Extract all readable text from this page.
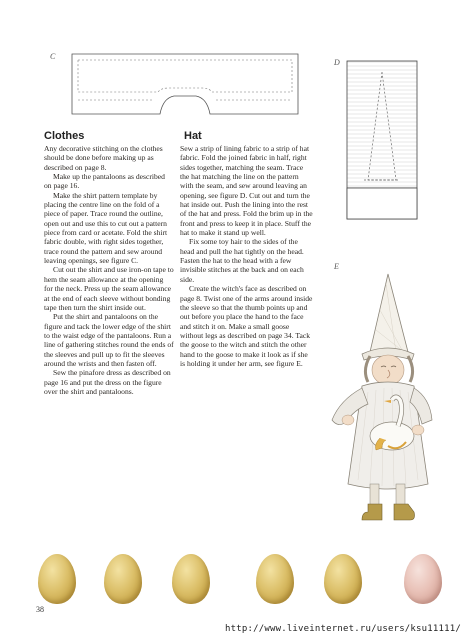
C
D
Clothes

Any decorative stitching on the clothes should be done before making up as described on page 8.

Make up the pantaloons as described on page 16.

Make the shirt pattern template by placing the centre line on the fold of a piece of paper. Trace round the outline, open out and use this to cut out a pattern piece from card or acetate. Fold the shirt fabric double, with right sides together, trace round the pattern and sew around leaving openings, see figure C.

Cut out the shirt and use iron-on tape to hem the seam allowance at the opening for the neck. Press up the seam allowance at the end of each sleeve without bonding tape then turn the shirt inside out.

Put the shirt and pantaloons on the figure and tack the lower edge of the shirt to the waist edge of the pantaloons. Run a line of gathering stitches round the ends of the sleeves and pull up to fit the sleeves around the wrists and then fasten off.

Sew the pinafore dress as described on page 16 and put the dress on the figure over the shirt and pantaloons.

Hat

Sew a strip of lining fabric to a strip of hat fabric. Fold the joined fabric in half, right sides together, matching the seam. Trace the hat matching the line on the pattern with the seam, and sew around leaving an opening, see figure D. Cut out and turn the hat inside out. Push the lining into the rest of the hat and press. Fold the brim up in the front and press to keep it in place. Stuff the hat to make it stand up well.

Fix some toy hair to the sides of the head and pull the hat tightly on the head. Fasten the hat to the head with a few invisible stitches at the back and on each side.

Create the witch's face as described on page 8. Twist one of the arms around inside the sleeve so that the thumb points up and out before you place the hand to the face and stitch it on. Make a small goose without legs as described on page 34. Tack the goose to the witch and stitch the other hand to the goose to make it look as if she is holding it under her arm, see figure E.

E
38
http://www.liveinternet.ru/users/ksu11111/
